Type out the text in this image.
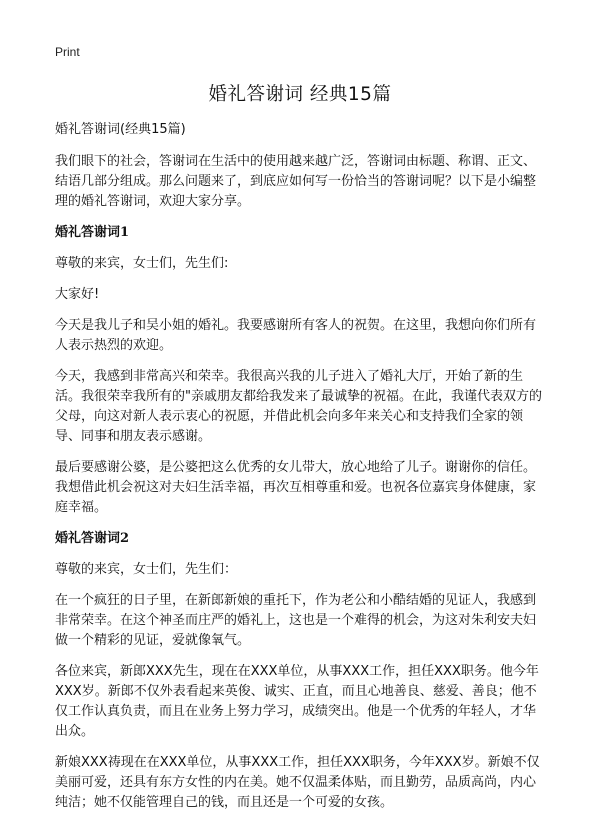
Print
婚礼答谢词 经典15篇
婚礼答谢词(经典15篇)

我们眼下的社会，答谢词在生活中的使用越来越广泛，答谢词由标题、称谓、正文、结语几部分组成。那么问题来了，到底应如何写一份恰当的答谢词呢？以下是小编整理的婚礼答谢词，欢迎大家分享。

婚礼答谢词1

尊敬的来宾，女士们，先生们:

大家好!

今天是我儿子和吴小姐的婚礼。我要感谢所有客人的祝贺。在这里，我想向你们所有人表示热烈的欢迎。

今天，我感到非常高兴和荣幸。我很高兴我的儿子进入了婚礼大厅，开始了新的生活。我很荣幸我所有的"亲戚朋友都给我发来了最诚挚的祝福。在此，我谨代表双方的父母，向这对新人表示衷心的祝愿，并借此机会向多年来关心和支持我们全家的领导、同事和朋友表示感谢。

最后要感谢公婆，是公婆把这么优秀的女儿带大，放心地给了儿子。谢谢你的信任。我想借此机会祝这对夫妇生活幸福，再次互相尊重和爱。也祝各位嘉宾身体健康，家庭幸福。

婚礼答谢词2

尊敬的来宾，女士们，先生们：

在一个疯狂的日子里，在新郎新娘的重托下，作为老公和小酷结婚的见证人，我感到非常荣幸。在这个神圣而庄严的婚礼上，这也是一个难得的机会，为这对朱利安夫妇做一个精彩的见证，爱就像氧气。

各位来宾，新郎XXX先生，现在在XXX单位，从事XXX工作，担任XXX职务。他今年XXX岁。新郎不仅外表看起来英俊、诚实、正直，而且心地善良、慈爱、善良；他不仅工作认真负责，而且在业务上努力学习，成绩突出。他是一个优秀的年轻人，才华出众。

新娘XXX祷现在在XXX单位，从事XXX工作，担任XXX职务，今年XXX岁。新娘不仅美丽可爱，还具有东方女性的内在美。她不仅温柔体贴，而且勤劳，品质高尚，内心纯洁；她不仅能管理自己的钱，而且还是一个可爱的女孩。
